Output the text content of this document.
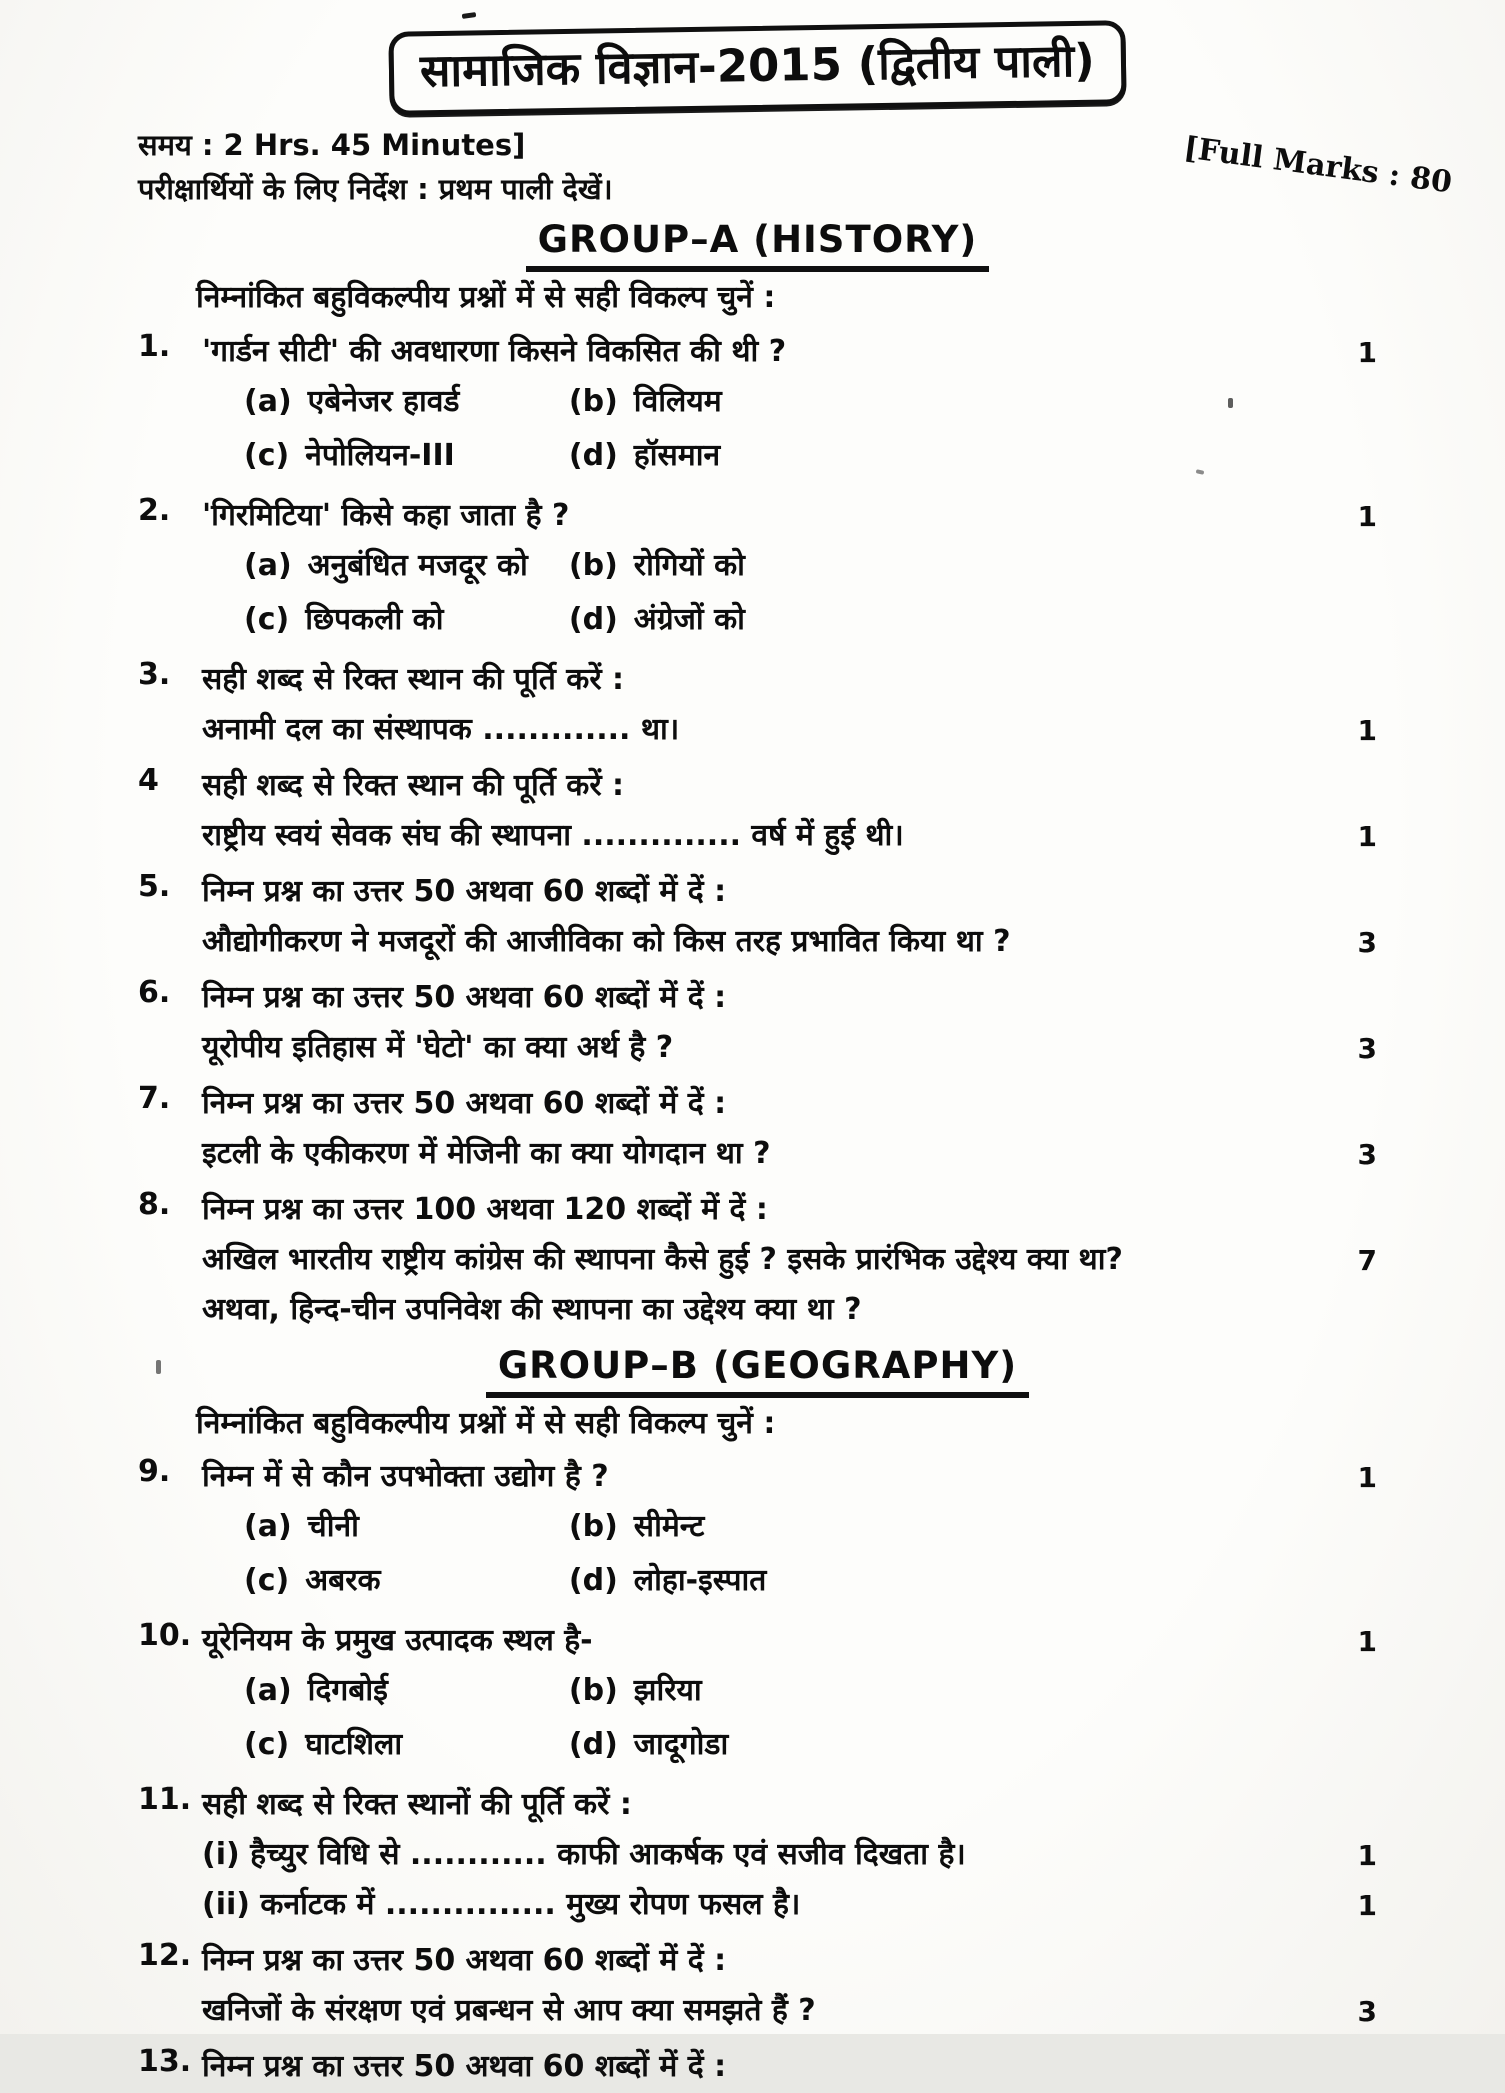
सामाजिक विज्ञान-2015 (द्वितीय पाली)
[Full Marks : 80
समय : 2 Hrs. 45 Minutes]
परीक्षार्थियों के लिए निर्देश : प्रथम पाली देखें।
GROUP–A (HISTORY)
निम्नांकित बहुविकल्पीय प्रश्नों में से सही विकल्प चुनें :
1.	'गार्डन सीटी' की अवधारणा किसने विकसित की थी ?	1
(a) एबेनेजर हावर्ड	(b) विलियम
(c) नेपोलियन-III	(d) हॉसमान
2.	'गिरमिटिया' किसे कहा जाता है ?	1
(a) अनुबंधित मजदूर को (b) रोगियों को
(c) छिपकली को	(d) अंग्रेजों को
3.	सही शब्द से रिक्त स्थान की पूर्ति करें :
अनामी दल का संस्थापक ............. था।	1
4	सही शब्द से रिक्त स्थान की पूर्ति करें :
राष्ट्रीय स्वयं सेवक संघ की स्थापना .............. वर्ष में हुई थी।	1
5.	निम्न प्रश्न का उत्तर 50 अथवा 60 शब्दों में दें :
औद्योगीकरण ने मजदूरों की आजीविका को किस तरह प्रभावित किया था ?	3
6.	निम्न प्रश्न का उत्तर 50 अथवा 60 शब्दों में दें :
यूरोपीय इतिहास में 'घेटो' का क्या अर्थ है ?	3
7.	निम्न प्रश्न का उत्तर 50 अथवा 60 शब्दों में दें :
इटली के एकीकरण में मेजिनी का क्या योगदान था ?	3
8.	निम्न प्रश्न का उत्तर 100 अथवा 120 शब्दों में दें :
अखिल भारतीय राष्ट्रीय कांग्रेस की स्थापना कैसे हुई ? इसके प्रारंभिक उद्देश्य क्या था?	7
अथवा, हिन्द-चीन उपनिवेश की स्थापना का उद्देश्य क्या था ?
GROUP–B (GEOGRAPHY)
निम्नांकित बहुविकल्पीय प्रश्नों में से सही विकल्प चुनें :
9.	निम्न में से कौन उपभोक्ता उद्योग है ?	1
(a) चीनी	(b) सीमेन्ट
(c) अबरक	(d) लोहा-इस्पात
10. यूरेनियम के प्रमुख उत्पादक स्थल है-	1
(a) दिगबोई	(b) झरिया
(c) घाटशिला	(d) जादूगोडा
11. सही शब्द से रिक्त स्थानों की पूर्ति करें :
(i) हैच्युर विधि से ............ काफी आकर्षक एवं सजीव दिखता है।	1
(ii) कर्नाटक में ............... मुख्य रोपण फसल है।	1
12. निम्न प्रश्न का उत्तर 50 अथवा 60 शब्दों में दें :
खनिजों के संरक्षण एवं प्रबन्धन से आप क्या समझते हैं ?	3
13. निम्न प्रश्न का उत्तर 50 अथवा 60 शब्दों में दें :
